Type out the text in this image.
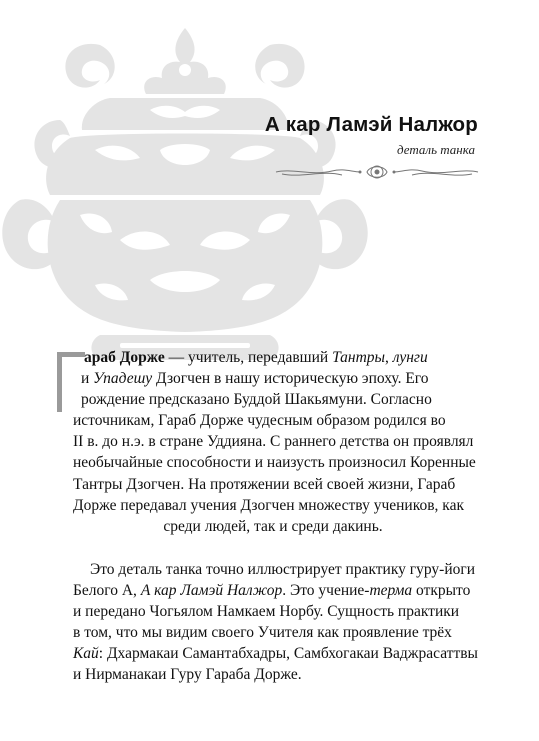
А кар Ламэй Налжор
деталь танка
араб Дорже — учитель, передавший Тантры, лунги
и Упадешу Дзогчен в нашу историческую эпоху. Его
рождение предсказано Буддой Шакьямуни. Согласно
источникам, Гараб Дорже чудесным образом родился во
II в. до н.э. в стране Уддияна. С раннего детства он проявлял
необычайные способности и наизусть произносил Коренные
Тантры Дзогчен. На протяжении всей своей жизни, Гараб
Дорже передавал учения Дзогчен множеству учеников, как
среди людей, так и среди дакинь.
Это деталь танка точно иллюстрирует практику гуру-йоги
Белого А, А кар Ламэй Налжор. Это учение-терма открыто
и передано Чогьялом Намкаем Норбу. Сущность практики
в том, что мы видим своего Учителя как проявление трёх
Кай: Дхармакаи Самантабхадры, Самбхогакаи Ваджрасаттвы
и Нирманакаи Гуру Гараба Дорже.
